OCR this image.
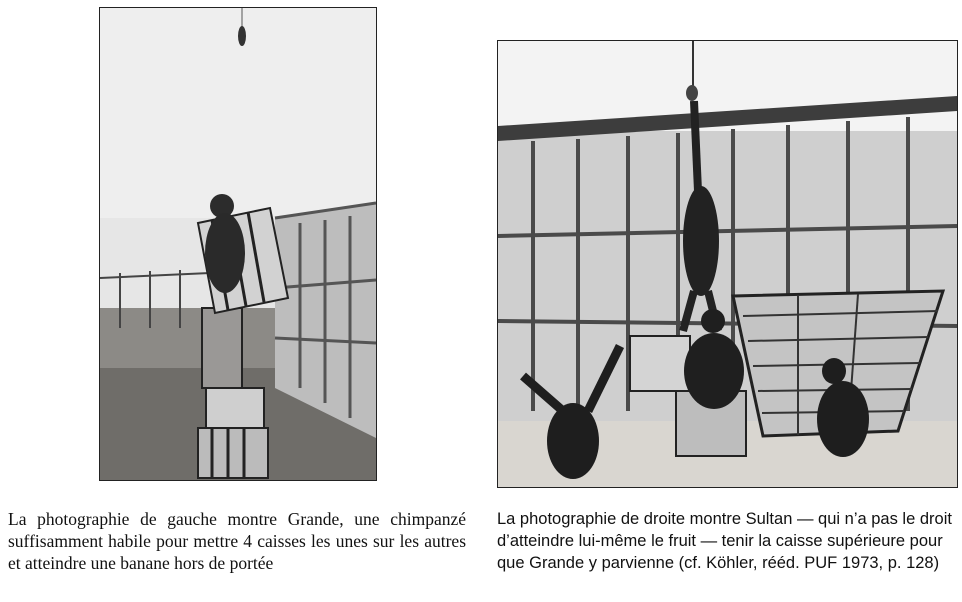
La photographie de gauche montre Grande, une chimpanzé suffisamment habile pour mettre 4 caisses les unes sur les autres et atteindre une banane hors de portée

La photographie de droite montre Sultan — qui n’a pas le droit d’atteindre lui-même le fruit — tenir la caisse supérieure pour que Grande y parvienne (cf. Köhler, rééd. PUF 1973, p. 128)
